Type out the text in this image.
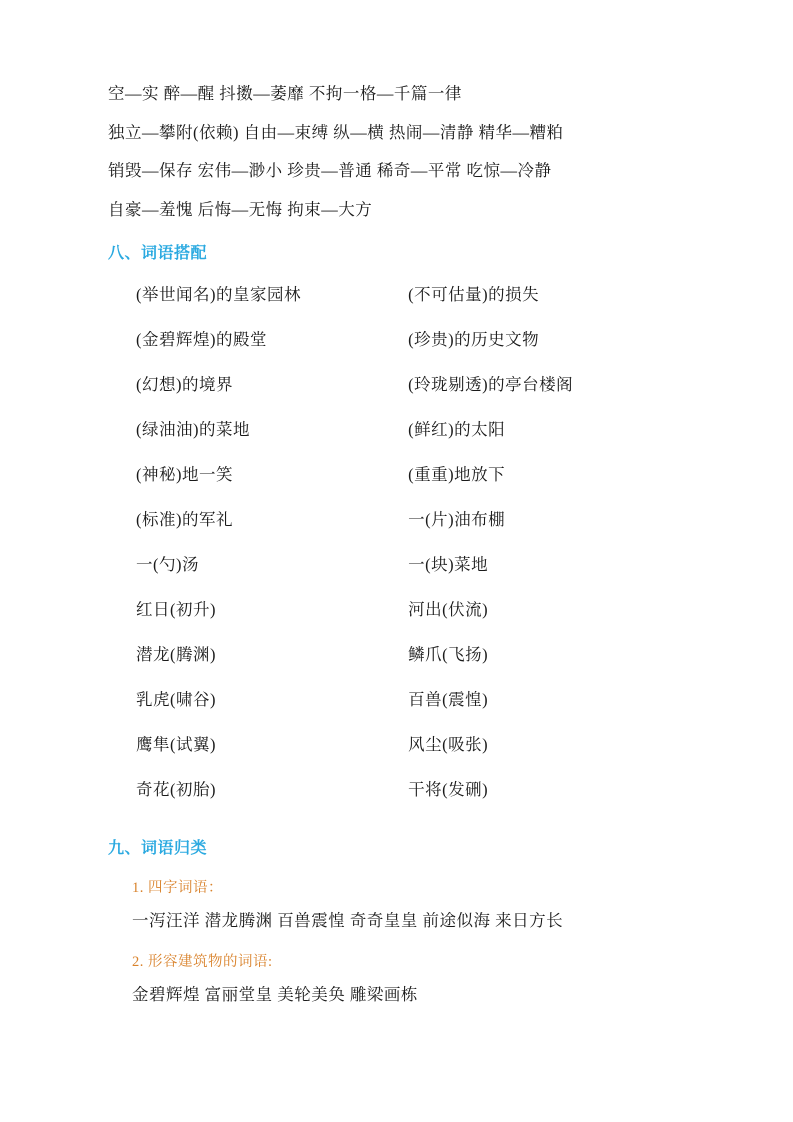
空—实 醉—醒 抖擞—萎靡 不拘一格—千篇一律
独立—攀附(依赖) 自由—束缚 纵—横 热闹—清静 精华—糟粕
销毁—保存 宏伟—渺小 珍贵—普通 稀奇—平常 吃惊—冷静
自豪—羞愧 后悔—无悔 拘束—大方
八、词语搭配
(举世闻名)的皇家园林	(不可估量)的损失
(金碧辉煌)的殿堂	(珍贵)的历史文物
(幻想)的境界	(玲珑剔透)的亭台楼阁
(绿油油)的菜地	(鲜红)的太阳
(神秘)地一笑	(重重)地放下
(标准)的军礼	一(片)油布棚
一(勺)汤	一(块)菜地
红日(初升)	河出(伏流)
潜龙(腾渊)	鳞爪(飞扬)
乳虎(啸谷)	百兽(震惶)
鹰隼(试翼)	风尘(吸张)
奇花(初胎)	干将(发硎)
九、词语归类
1. 四字词语：
一泻汪洋 潜龙腾渊 百兽震惶 奇奇皇皇 前途似海 来日方长
2. 形容建筑物的词语:
金碧辉煌 富丽堂皇 美轮美奂 雕梁画栋
